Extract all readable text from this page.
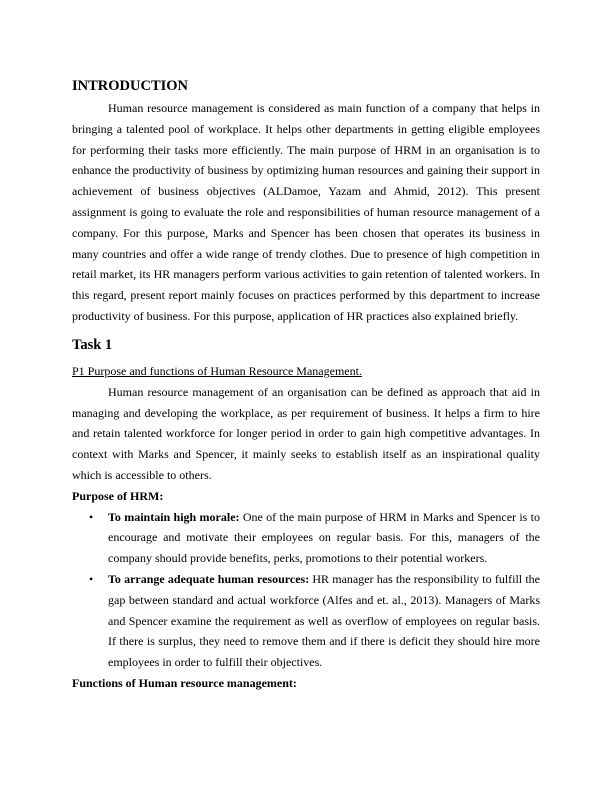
INTRODUCTION

Human resource management is considered as main function of a company that helps in bringing a talented pool of workplace. It helps other departments in getting eligible employees for performing their tasks more efficiently. The main purpose of HRM in an organisation is to enhance the productivity of business by optimizing human resources and gaining their support in achievement of business objectives (ALDamoe, Yazam and Ahmid, 2012). This present assignment is going to evaluate the role and responsibilities of human resource management of a company. For this purpose, Marks and Spencer has been chosen that operates its business in many countries and offer a wide range of trendy clothes. Due to presence of high competition in retail market, its HR managers perform various activities to gain retention of talented workers. In this regard, present report mainly focuses on practices performed by this department to increase productivity of business. For this purpose, application of HR practices also explained briefly.

Task 1
P1 Purpose and functions of Human Resource Management.

Human resource management of an organisation can be defined as approach that aid in managing and developing the workplace, as per requirement of business. It helps a firm to hire and retain talented workforce for longer period in order to gain high competitive advantages. In context with Marks and Spencer, it mainly seeks to establish itself as an inspirational quality which is accessible to others.

Purpose of HRM:
• To maintain high morale: One of the main purpose of HRM in Marks and Spencer is to encourage and motivate their employees on regular basis. For this, managers of the company should provide benefits, perks, promotions to their potential workers.
• To arrange adequate human resources: HR manager has the responsibility to fulfill the gap between standard and actual workforce (Alfes and et. al., 2013). Managers of Marks and Spencer examine the requirement as well as overflow of employees on regular basis. If there is surplus, they need to remove them and if there is deficit they should hire more employees in order to fulfill their objectives.
Functions of Human resource management:
